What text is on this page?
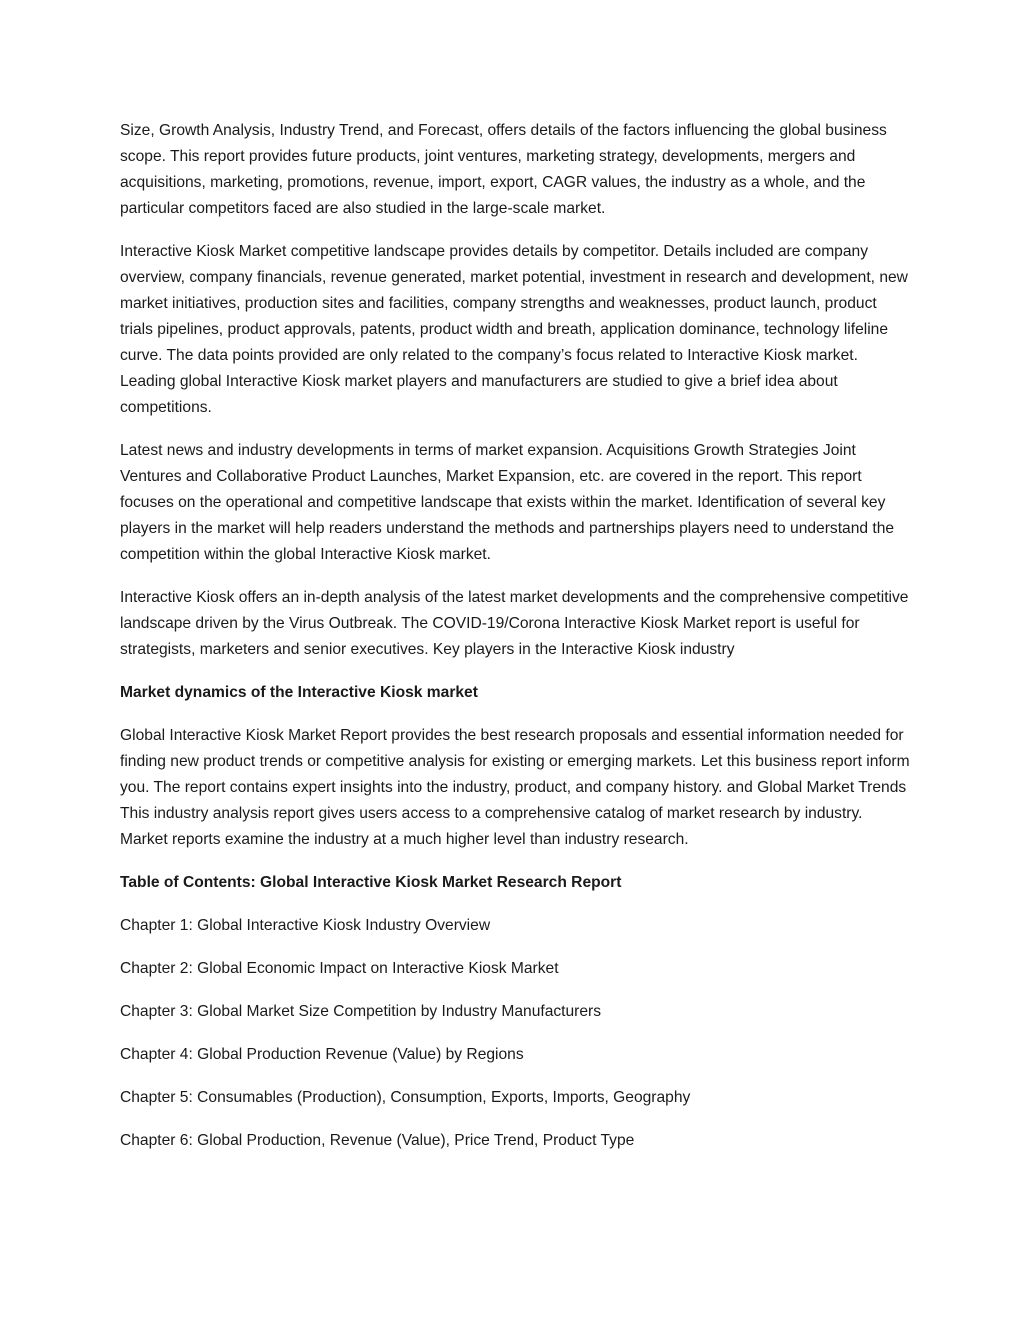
Size, Growth Analysis, Industry Trend, and Forecast, offers details of the factors influencing the global business scope. This report provides future products, joint ventures, marketing strategy, developments, mergers and acquisitions, marketing, promotions, revenue, import, export, CAGR values, the industry as a whole, and the particular competitors faced are also studied in the large-scale market.

Interactive Kiosk Market competitive landscape provides details by competitor. Details included are company overview, company financials, revenue generated, market potential, investment in research and development, new market initiatives, production sites and facilities, company strengths and weaknesses, product launch, product trials pipelines, product approvals, patents, product width and breath, application dominance, technology lifeline curve. The data points provided are only related to the company’s focus related to Interactive Kiosk market. Leading global Interactive Kiosk market players and manufacturers are studied to give a brief idea about competitions.

Latest news and industry developments in terms of market expansion. Acquisitions Growth Strategies Joint Ventures and Collaborative Product Launches, Market Expansion, etc. are covered in the report. This report focuses on the operational and competitive landscape that exists within the market. Identification of several key players in the market will help readers understand the methods and partnerships players need to understand the competition within the global Interactive Kiosk market.

Interactive Kiosk offers an in-depth analysis of the latest market developments and the comprehensive competitive landscape driven by the Virus Outbreak. The COVID-19/Corona Interactive Kiosk Market report is useful for strategists, marketers and senior executives. Key players in the Interactive Kiosk industry

Market dynamics of the Interactive Kiosk market

Global Interactive Kiosk Market Report provides the best research proposals and essential information needed for finding new product trends or competitive analysis for existing or emerging markets. Let this business report inform you. The report contains expert insights into the industry, product, and company history. and Global Market Trends This industry analysis report gives users access to a comprehensive catalog of market research by industry. Market reports examine the industry at a much higher level than industry research.

Table of Contents: Global Interactive Kiosk Market Research Report

Chapter 1: Global Interactive Kiosk Industry Overview
Chapter 2: Global Economic Impact on Interactive Kiosk Market
Chapter 3: Global Market Size Competition by Industry Manufacturers
Chapter 4: Global Production Revenue (Value) by Regions
Chapter 5: Consumables (Production), Consumption, Exports, Imports, Geography
Chapter 6: Global Production, Revenue (Value), Price Trend, Product Type
